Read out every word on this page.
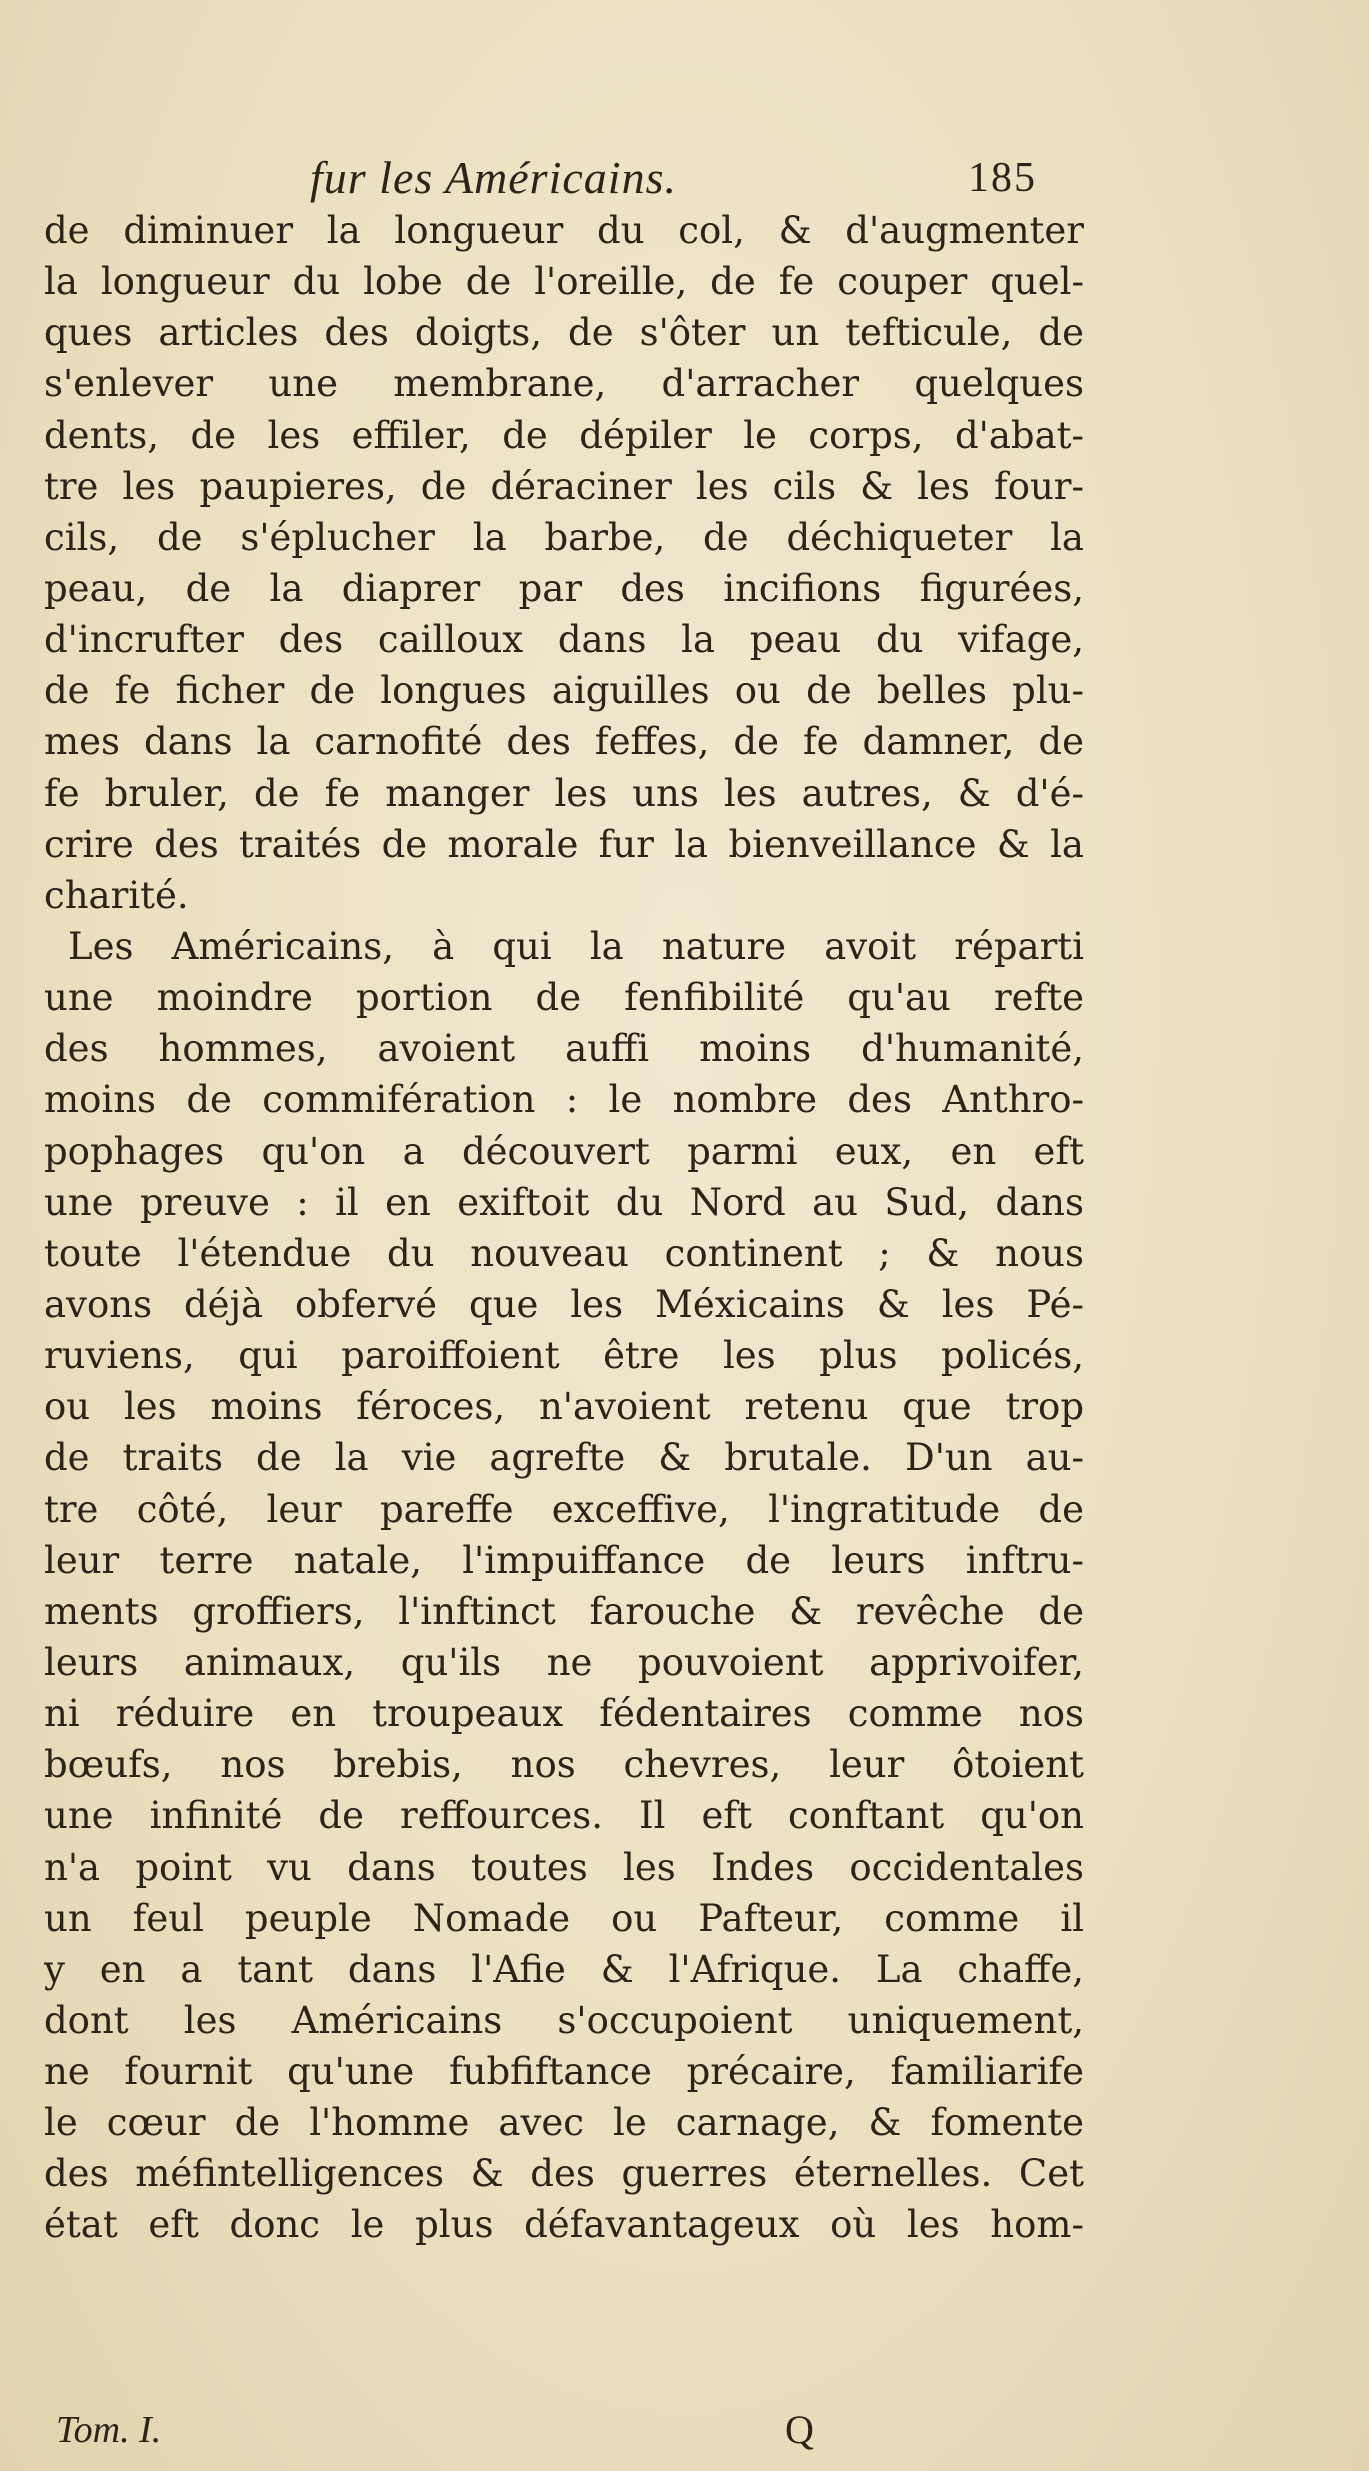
fur les Américains.	185
de diminuer la longueur du col, & d'augmenter
la longueur du lobe de l'oreille, de fe couper quel-
ques articles des doigts, de s'ôter un tefticule, de
s'enlever une membrane, d'arracher quelques
dents, de les effiler, de dépiler le corps, d'abat-
tre les paupieres, de déraciner les cils & les four-
cils, de s'éplucher la barbe, de déchiqueter la
peau, de la diaprer par des incifions figurées,
d'incrufter des cailloux dans la peau du vifage,
de fe ficher de longues aiguilles ou de belles plu-
mes dans la carnofité des feffes, de fe damner, de
fe bruler, de fe manger les uns les autres, & d'é-
crire des traités de morale fur la bienveillance & la
charité.
Les Américains, à qui la nature avoit réparti
une moindre portion de fenfibilité qu'au refte
des hommes, avoient auffi moins d'humanité,
moins de commifération : le nombre des Anthro-
pophages qu'on a découvert parmi eux, en eft
une preuve : il en exiftoit du Nord au Sud, dans
toute l'étendue du nouveau continent ; & nous
avons déjà obfervé que les Méxicains & les Pé-
ruviens, qui paroiffoient être les plus policés,
ou les moins féroces, n'avoient retenu que trop
de traits de la vie agrefte & brutale. D'un au-
tre côté, leur pareffe exceffive, l'ingratitude de
leur terre natale, l'impuiffance de leurs inftru-
ments groffiers, l'inftinct farouche & revêche de
leurs animaux, qu'ils ne pouvoient apprivoifer,
ni réduire en troupeaux fédentaires comme nos
bœufs, nos brebis, nos chevres, leur ôtoient
une infinité de reffources. Il eft conftant qu'on
n'a point vu dans toutes les Indes occidentales
un feul peuple Nomade ou Pafteur, comme il
y en a tant dans l'Afie & l'Afrique. La chaffe,
dont les Américains s'occupoient uniquement,
ne fournit qu'une fubfiftance précaire, familiarife
le cœur de l'homme avec le carnage, & fomente
des méfintelligences & des guerres éternelles. Cet
état eft donc le plus défavantageux où les hom-
Tom. I.	Q
